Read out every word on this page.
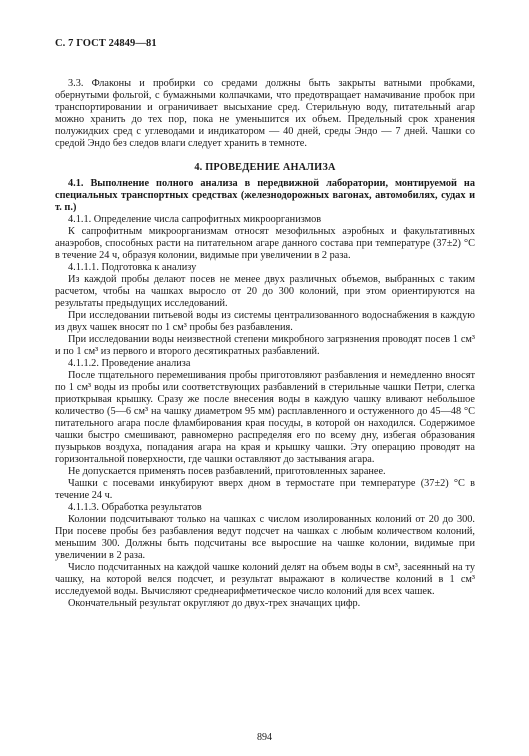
С. 7 ГОСТ 24849—81

3.3. Флаконы и пробирки со средами должны быть закрыты ватными пробками, обернутыми фольгой, с бумажными колпачками, что предотвращает намачивание пробок при транспортировании и ограничивает высыхание сред. Стерильную воду, питательный агар можно хранить до тех пор, пока не уменьшится их объем. Предельный срок хранения полужидких сред с углеводами и индикатором — 40 дней, среды Эндо — 7 дней. Чашки со средой Эндо без следов влаги следует хранить в темноте.

4. ПРОВЕДЕНИЕ АНАЛИЗА

4.1. Выполнение полного анализа в передвижной лаборатории, монтируемой на специальных транспортных средствах (железнодорожных вагонах, автомобилях, судах и т. п.)

4.1.1. Определение числа сапрофитных микроорганизмов

К сапрофитным микроорганизмам относят мезофильных аэробных и факультативных анаэробов, способных расти на питательном агаре данного состава при температуре (37±2) °С в течение 24 ч, образуя колонии, видимые при увеличении в 2 раза.

4.1.1.1. Подготовка к анализу

Из каждой пробы делают посев не менее двух различных объемов, выбранных с таким расчетом, чтобы на чашках выросло от 20 до 300 колоний, при этом ориентируются на результаты предыдущих исследований.

При исследовании питьевой воды из системы централизованного водоснабжения в каждую из двух чашек вносят по 1 см³ пробы без разбавления.

При исследовании воды неизвестной степени микробного загрязнения проводят посев 1 см³ и по 1 см³ из первого и второго десятикратных разбавлений.

4.1.1.2. Проведение анализа

После тщательного перемешивания пробы приготовляют разбавления и немедленно вносят по 1 см³ воды из пробы или соответствующих разбавлений в стерильные чашки Петри, слегка приоткрывая крышку. Сразу же после внесения воды в каждую чашку вливают небольшое количество (5—6 см³ на чашку диаметром 95 мм) расплавленного и остуженного до 45—48 °С питательного агара после фламбирования края посуды, в которой он находился. Содержимое чашки быстро смешивают, равномерно распределяя его по всему дну, избегая образования пузырьков воздуха, попадания агара на края и крышку чашки. Эту операцию проводят на горизонтальной поверхности, где чашки оставляют до застывания агара.

Не допускается применять посев разбавлений, приготовленных заранее.

Чашки с посевами инкубируют вверх дном в термостате при температуре (37±2) °С в течение 24 ч.

4.1.1.3. Обработка результатов

Колонии подсчитывают только на чашках с числом изолированных колоний от 20 до 300. При посеве пробы без разбавления ведут подсчет на чашках с любым количеством колоний, меньшим 300. Должны быть подсчитаны все выросшие на чашке колонии, видимые при увеличении в 2 раза.

Число подсчитанных на каждой чашке колоний делят на объем воды в см³, засеянный на ту чашку, на которой велся подсчет, и результат выражают в количестве колоний в 1 см³ исследуемой воды. Вычисляют среднеарифметическое число колоний для всех чашек.

Окончательный результат округляют до двух-трех значащих цифр.

894
